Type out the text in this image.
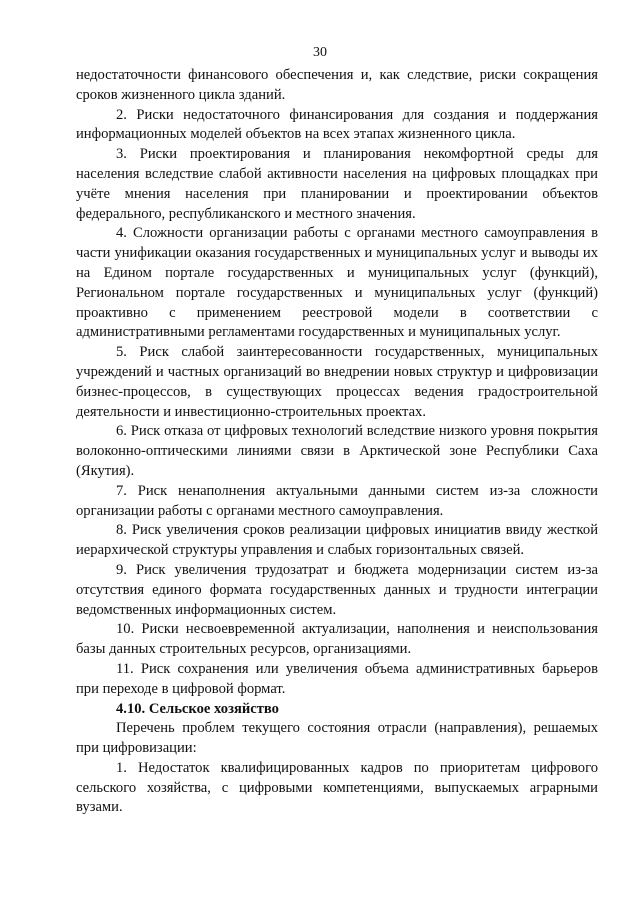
30

недостаточности финансового обеспечения и, как следствие, риски сокращения сроков жизненного цикла зданий.

2. Риски недостаточного финансирования для создания и поддержания информационных моделей объектов на всех этапах жизненного цикла.

3. Риски проектирования и планирования некомфортной среды для населения вследствие слабой активности населения на цифровых площадках при учёте мнения населения при планировании и проектировании объектов федерального, республиканского и местного значения.

4. Сложности организации работы с органами местного самоуправления в части унификации оказания государственных и муниципальных услуг и выводы их на Едином портале государственных и муниципальных услуг (функций), Региональном портале государственных и муниципальных услуг (функций) проактивно с применением реестровой модели в соответствии с административными регламентами государственных и муниципальных услуг.

5. Риск слабой заинтересованности государственных, муниципальных учреждений и частных организаций во внедрении новых структур и цифровизации бизнес-процессов, в существующих процессах ведения градостроительной деятельности и инвестиционно-строительных проектах.

6. Риск отказа от цифровых технологий вследствие низкого уровня покрытия волоконно-оптическими линиями связи в Арктической зоне Республики Саха (Якутия).

7. Риск ненаполнения актуальными данными систем из-за сложности организации работы с органами местного самоуправления.

8. Риск увеличения сроков реализации цифровых инициатив ввиду жесткой иерархической структуры управления и слабых горизонтальных связей.

9. Риск увеличения трудозатрат и бюджета модернизации систем из-за отсутствия единого формата государственных данных и трудности интеграции ведомственных информационных систем.

10. Риски несвоевременной актуализации, наполнения и неиспользования базы данных строительных ресурсов, организациями.

11. Риск сохранения или увеличения объема административных барьеров при переходе в цифровой формат.

4.10. Сельское хозяйство

Перечень проблем текущего состояния отрасли (направления), решаемых при цифровизации:

1. Недостаток квалифицированных кадров по приоритетам цифрового сельского хозяйства, с цифровыми компетенциями, выпускаемых аграрными вузами.
